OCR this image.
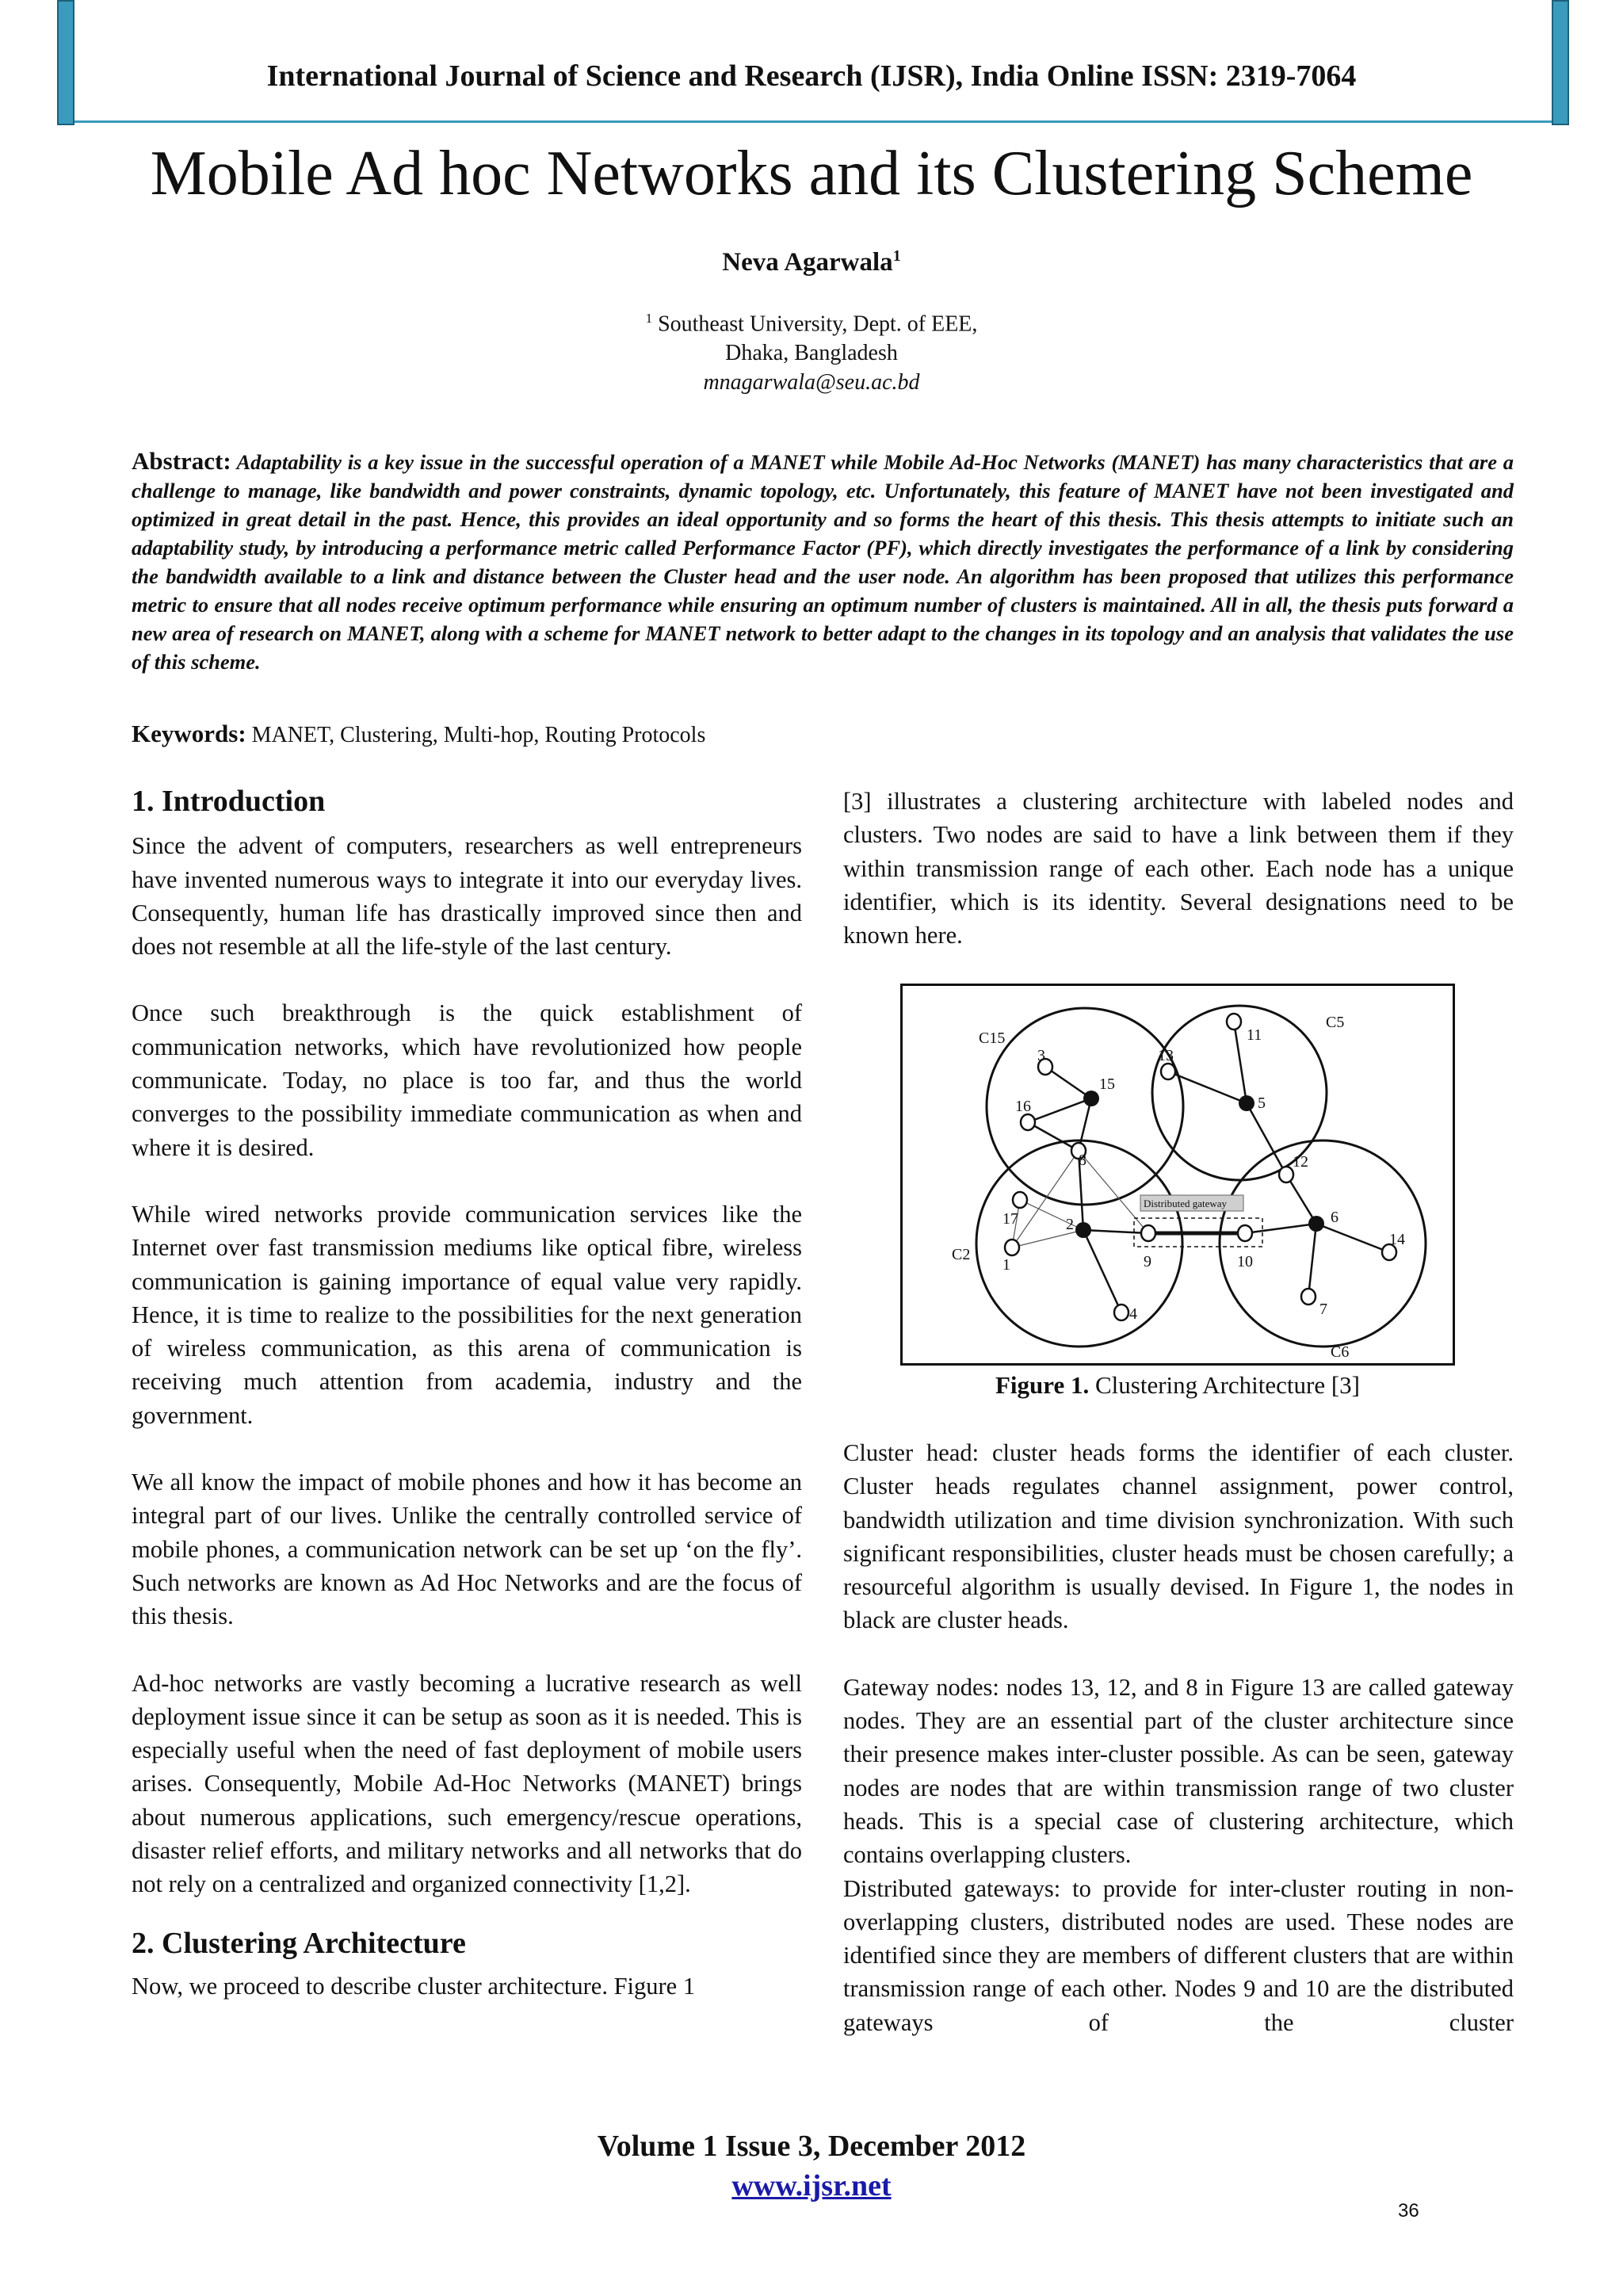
International Journal of Science and Research (IJSR), India Online ISSN: 2319-7064
Mobile Ad hoc Networks and its Clustering Scheme
Neva Agarwala$^1$
$^1$ Southeast University, Dept. of EEE,
Dhaka, Bangladesh
mnagarwala@seu.ac.bd
Abstract: Adaptability is a key issue in the successful operation of a MANET while Mobile Ad-Hoc Networks (MANET) has many characteristics that are a challenge to manage, like bandwidth and power constraints, dynamic topology, etc. Unfortunately, this feature of MANET have not been investigated and optimized in great detail in the past. Hence, this provides an ideal opportunity and so forms the heart of this thesis. This thesis attempts to initiate such an adaptability study, by introducing a performance metric called Performance Factor (PF), which directly investigates the performance of a link by considering the bandwidth available to a link and distance between the Cluster head and the user node. An algorithm has been proposed that utilizes this performance metric to ensure that all nodes receive optimum performance while ensuring an optimum number of clusters is maintained. All in all, the thesis puts forward a new area of research on MANET, along with a scheme for MANET network to better adapt to the changes in its topology and an analysis that validates the use of this scheme.
Keywords: MANET, Clustering, Multi-hop, Routing Protocols
1. Introduction

Since the advent of computers, researchers as well entrepreneurs have invented numerous ways to integrate it into our everyday lives. Consequently, human life has drastically improved since then and does not resemble at all the life-style of the last century.

Once such breakthrough is the quick establishment of communication networks, which have revolutionized how people communicate. Today, no place is too far, and thus the world converges to the possibility immediate communication as when and where it is desired.

While wired networks provide communication services like the Internet over fast transmission mediums like optical fibre, wireless communication is gaining importance of equal value very rapidly. Hence, it is time to realize to the possibilities for the next generation of wireless communication, as this arena of communication is receiving much attention from academia, industry and the government.

We all know the impact of mobile phones and how it has become an integral part of our lives. Unlike the centrally controlled service of mobile phones, a communication network can be set up ‘on the fly’. Such networks are known as Ad Hoc Networks and are the focus of this thesis.

Ad-hoc networks are vastly becoming a lucrative research as well deployment issue since it can be setup as soon as it is needed. This is especially useful when the need of fast deployment of mobile users arises. Consequently, Mobile Ad-Hoc Networks (MANET) brings about numerous applications, such emergency/rescue operations, disaster relief efforts, and military networks and all networks that do not rely on a centralized and organized connectivity [1,2].

2. Clustering Architecture

Now, we proceed to describe cluster architecture. Figure 1

[3] illustrates a clustering architecture with labeled nodes and clusters. Two nodes are said to have a link between them if they within transmission range of each other. Each node has a unique identifier, which is its identity. Several designations need to be known here.

Distributed gateway
C15
C5
C2
C6
3
15
13
11
5
16
8	12
17	2	6
14
1	9	10
4	7
Figure 1. Clustering Architecture [3]

Cluster head: cluster heads forms the identifier of each cluster. Cluster heads regulates channel assignment, power control, bandwidth utilization and time division synchronization. With such significant responsibilities, cluster heads must be chosen carefully; a resourceful algorithm is usually devised. In Figure 1, the nodes in black are cluster heads.

Gateway nodes: nodes 13, 12, and 8 in Figure 13 are called gateway nodes. They are an essential part of the cluster architecture since their presence makes inter-cluster possible. As can be seen, gateway nodes are nodes that are within transmission range of two cluster heads. This is a special case of clustering architecture, which contains overlapping clusters.

Distributed gateways: to provide for inter-cluster routing in non-overlapping clusters, distributed nodes are used. These nodes are identified since they are members of different clusters that are within transmission range of each other. Nodes 9 and 10 are the distributed gateways of the cluster

Volume 1 Issue 3, December 2012
www.ijsr.net
36
